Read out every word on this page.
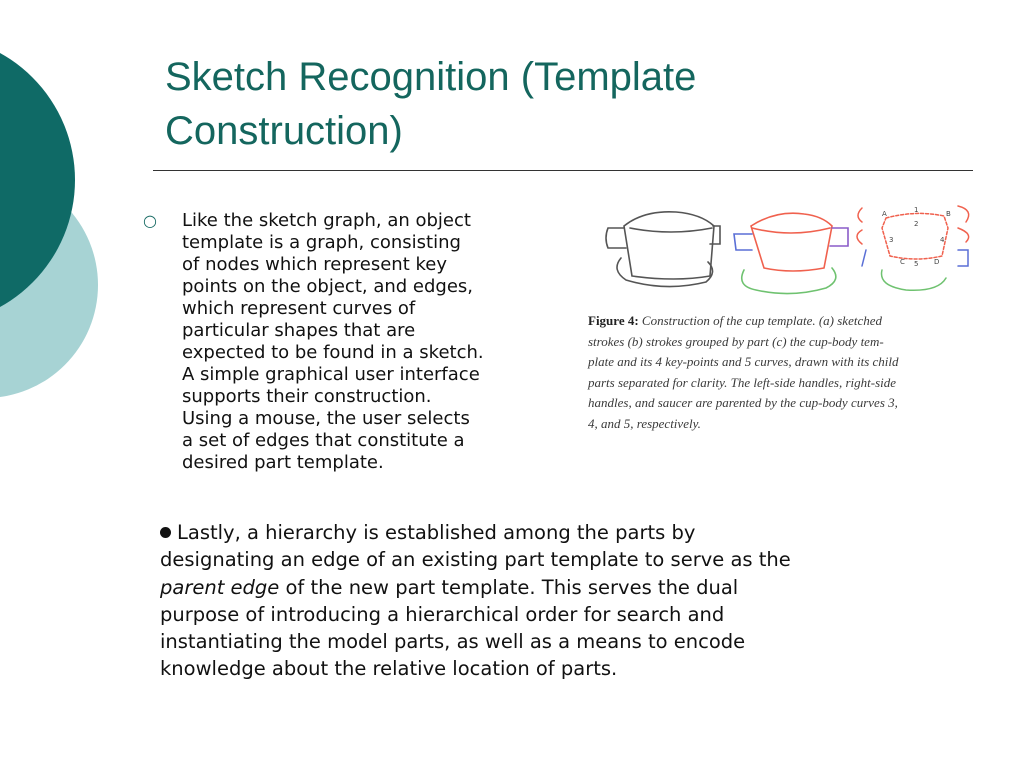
Sketch Recognition (Template
Construction)
○ Like the sketch graph, an object
template is a graph, consisting
of nodes which represent key
points on the object, and edges,
which represent curves of
particular shapes that are
expected to be found in a sketch.
A simple graphical user interface
supports their construction.
Using a mouse, the user selects
a set of edges that constitute a
desired part template.
1
2
3	4
5
A	B
C	D
Figure 4: Construction of the cup template. (a) sketched
strokes (b) strokes grouped by part (c) the cup-body tem-
plate and its 4 key-points and 5 curves, drawn with its child
parts separated for clarity. The left-side handles, right-side
handles, and saucer are parented by the cup-body curves 3,
4, and 5, respectively.
Lastly, a hierarchy is established among the parts by
designating an edge of an existing part template to serve as the
parent edge of the new part template. This serves the dual
purpose of introducing a hierarchical order for search and
instantiating the model parts, as well as a means to encode
knowledge about the relative location of parts.
